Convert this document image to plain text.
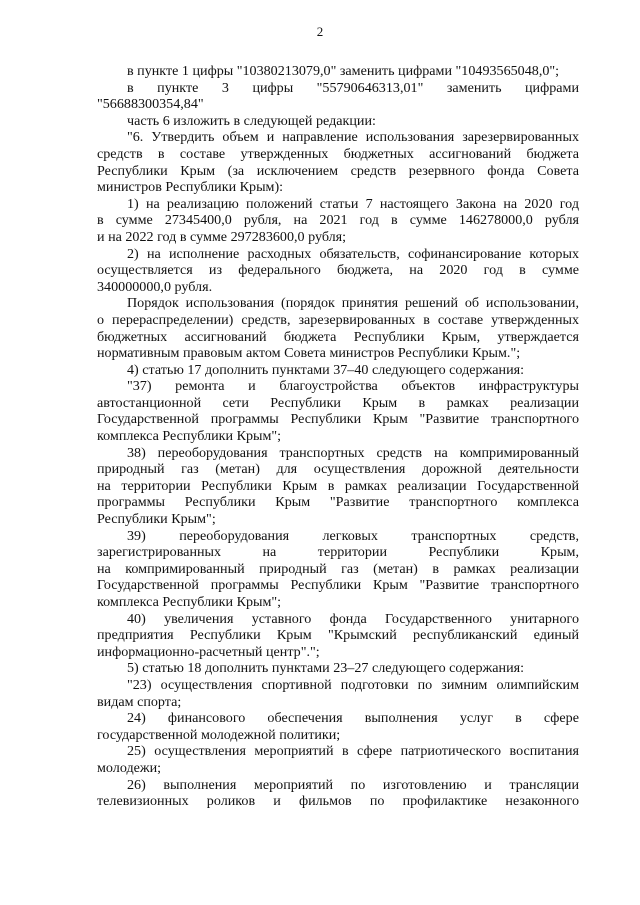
2
в пункте 1 цифры "10380213079,0" заменить цифрами "10493565048,0";
в пункте 3 цифры "55790646313,01" заменить цифрами
"56688300354,84"
часть 6 изложить в следующей редакции:
"6. Утвердить объем и направление использования зарезервированных
средств в составе утвержденных бюджетных ассигнований бюджета
Республики Крым (за исключением средств резервного фонда Совета
министров Республики Крым):
1) на реализацию положений статьи 7 настоящего Закона на 2020 год
в сумме 27345400,0 рубля, на 2021 год в сумме 146278000,0 рубля
и на 2022 год в сумме 297283600,0 рубля;
2) на исполнение расходных обязательств, софинансирование которых
осуществляется из федерального бюджета, на 2020 год в сумме
340000000,0 рубля.
Порядок использования (порядок принятия решений об использовании,
о перераспределении) средств, зарезервированных в составе утвержденных
бюджетных ассигнований бюджета Республики Крым, утверждается
нормативным правовым актом Совета министров Республики Крым.";
4) статью 17 дополнить пунктами 37–40 следующего содержания:
"37) ремонта и благоустройства объектов инфраструктуры
автостанционной сети Республики Крым в рамках реализации
Государственной программы Республики Крым "Развитие транспортного
комплекса Республики Крым";
38) переоборудования транспортных средств на компримированный
природный газ (метан) для осуществления дорожной деятельности
на территории Республики Крым в рамках реализации Государственной
программы Республики Крым "Развитие транспортного комплекса
Республики Крым";
39) переоборудования легковых транспортных средств,
зарегистрированных на территории Республики Крым,
на компримированный природный газ (метан) в рамках реализации
Государственной программы Республики Крым "Развитие транспортного
комплекса Республики Крым";
40) увеличения уставного фонда Государственного унитарного
предприятия Республики Крым "Крымский республиканский единый
информационно-расчетный центр".";
5) статью 18 дополнить пунктами 23–27 следующего содержания:
"23) осуществления спортивной подготовки по зимним олимпийским
видам спорта;
24) финансового обеспечения выполнения услуг в сфере
государственной молодежной политики;
25) осуществления мероприятий в сфере патриотического воспитания
молодежи;
26) выполнения мероприятий по изготовлению и трансляции
телевизионных роликов и фильмов по профилактике незаконного
